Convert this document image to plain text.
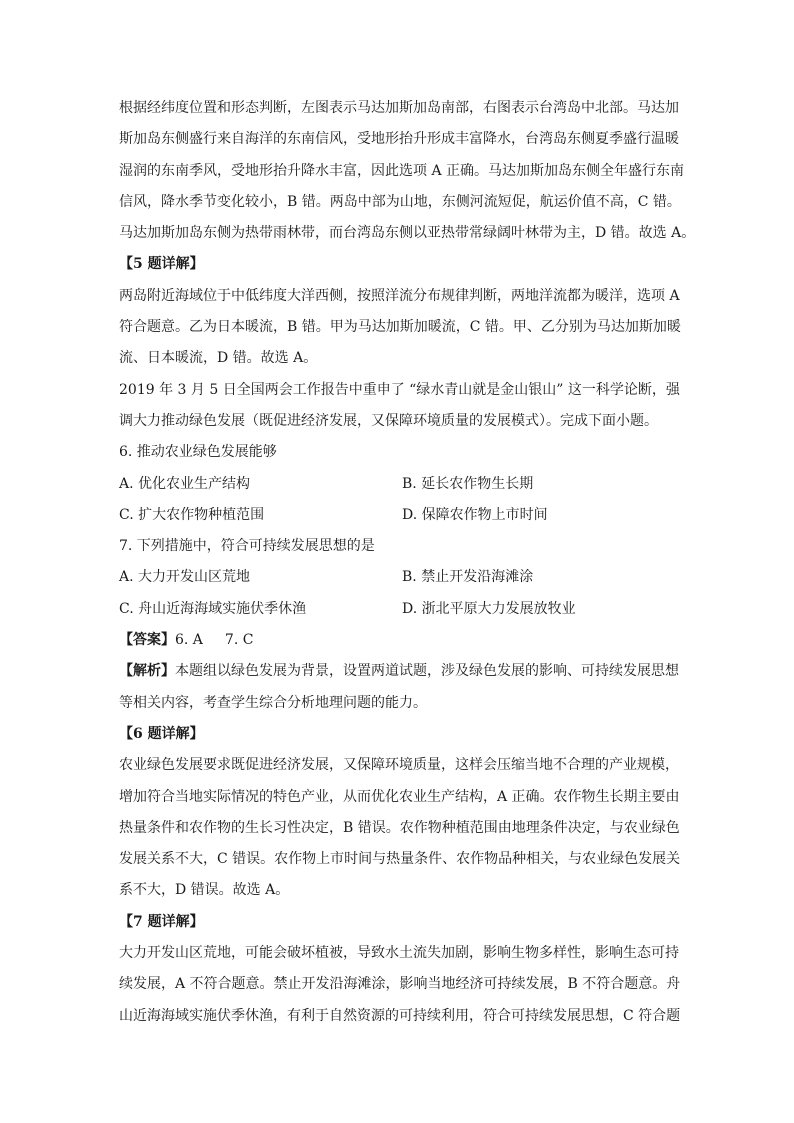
根据经纬度位置和形态判断，左图表示马达加斯加岛南部，右图表示台湾岛中北部。马达加
斯加岛东侧盛行来自海洋的东南信风，受地形抬升形成丰富降水，台湾岛东侧夏季盛行温暖
湿润的东南季风，受地形抬升降水丰富，因此选项 A 正确。马达加斯加岛东侧全年盛行东南
信风，降水季节变化较小，B 错。两岛中部为山地，东侧河流短促，航运价值不高，C 错。
马达加斯加岛东侧为热带雨林带，而台湾岛东侧以亚热带常绿阔叶林带为主，D 错。故选 A。
【5 题详解】
两岛附近海域位于中低纬度大洋西侧，按照洋流分布规律判断，两地洋流都为暖洋，选项 A
符合题意。乙为日本暖流，B 错。甲为马达加斯加暖流，C 错。甲、乙分别为马达加斯加暖
流、日本暖流，D 错。故选 A。
2019 年 3 月 5 日全国两会工作报告中重申了 “绿水青山就是金山银山” 这一科学论断，强
调大力推动绿色发展（既促进经济发展，又保障环境质量的发展模式）。完成下面小题。
6. 推动农业绿色发展能够
A. 优化农业生产结构	B. 延长农作物生长期
C. 扩大农作物种植范围	D. 保障农作物上市时间
7. 下列措施中，符合可持续发展思想的是
A. 大力开发山区荒地	B. 禁止开发沿海滩涂
C. 舟山近海海域实施伏季休渔	D. 浙北平原大力发展放牧业
【答案】6. A 7. C
【解析】本题组以绿色发展为背景，设置两道试题，涉及绿色发展的影响、可持续发展思想
等相关内容，考查学生综合分析地理问题的能力。
【6 题详解】
农业绿色发展要求既促进经济发展，又保障环境质量，这样会压缩当地不合理的产业规模，
增加符合当地实际情况的特色产业，从而优化农业生产结构，A 正确。农作物生长期主要由
热量条件和农作物的生长习性决定，B 错误。农作物种植范围由地理条件决定，与农业绿色
发展关系不大，C 错误。农作物上市时间与热量条件、农作物品种相关，与农业绿色发展关
系不大，D 错误。故选 A。
【7 题详解】
大力开发山区荒地，可能会破坏植被，导致水土流失加剧，影响生物多样性，影响生态可持
续发展，A 不符合题意。禁止开发沿海滩涂，影响当地经济可持续发展，B 不符合题意。舟
山近海海域实施伏季休渔，有利于自然资源的可持续利用，符合可持续发展思想，C 符合题
